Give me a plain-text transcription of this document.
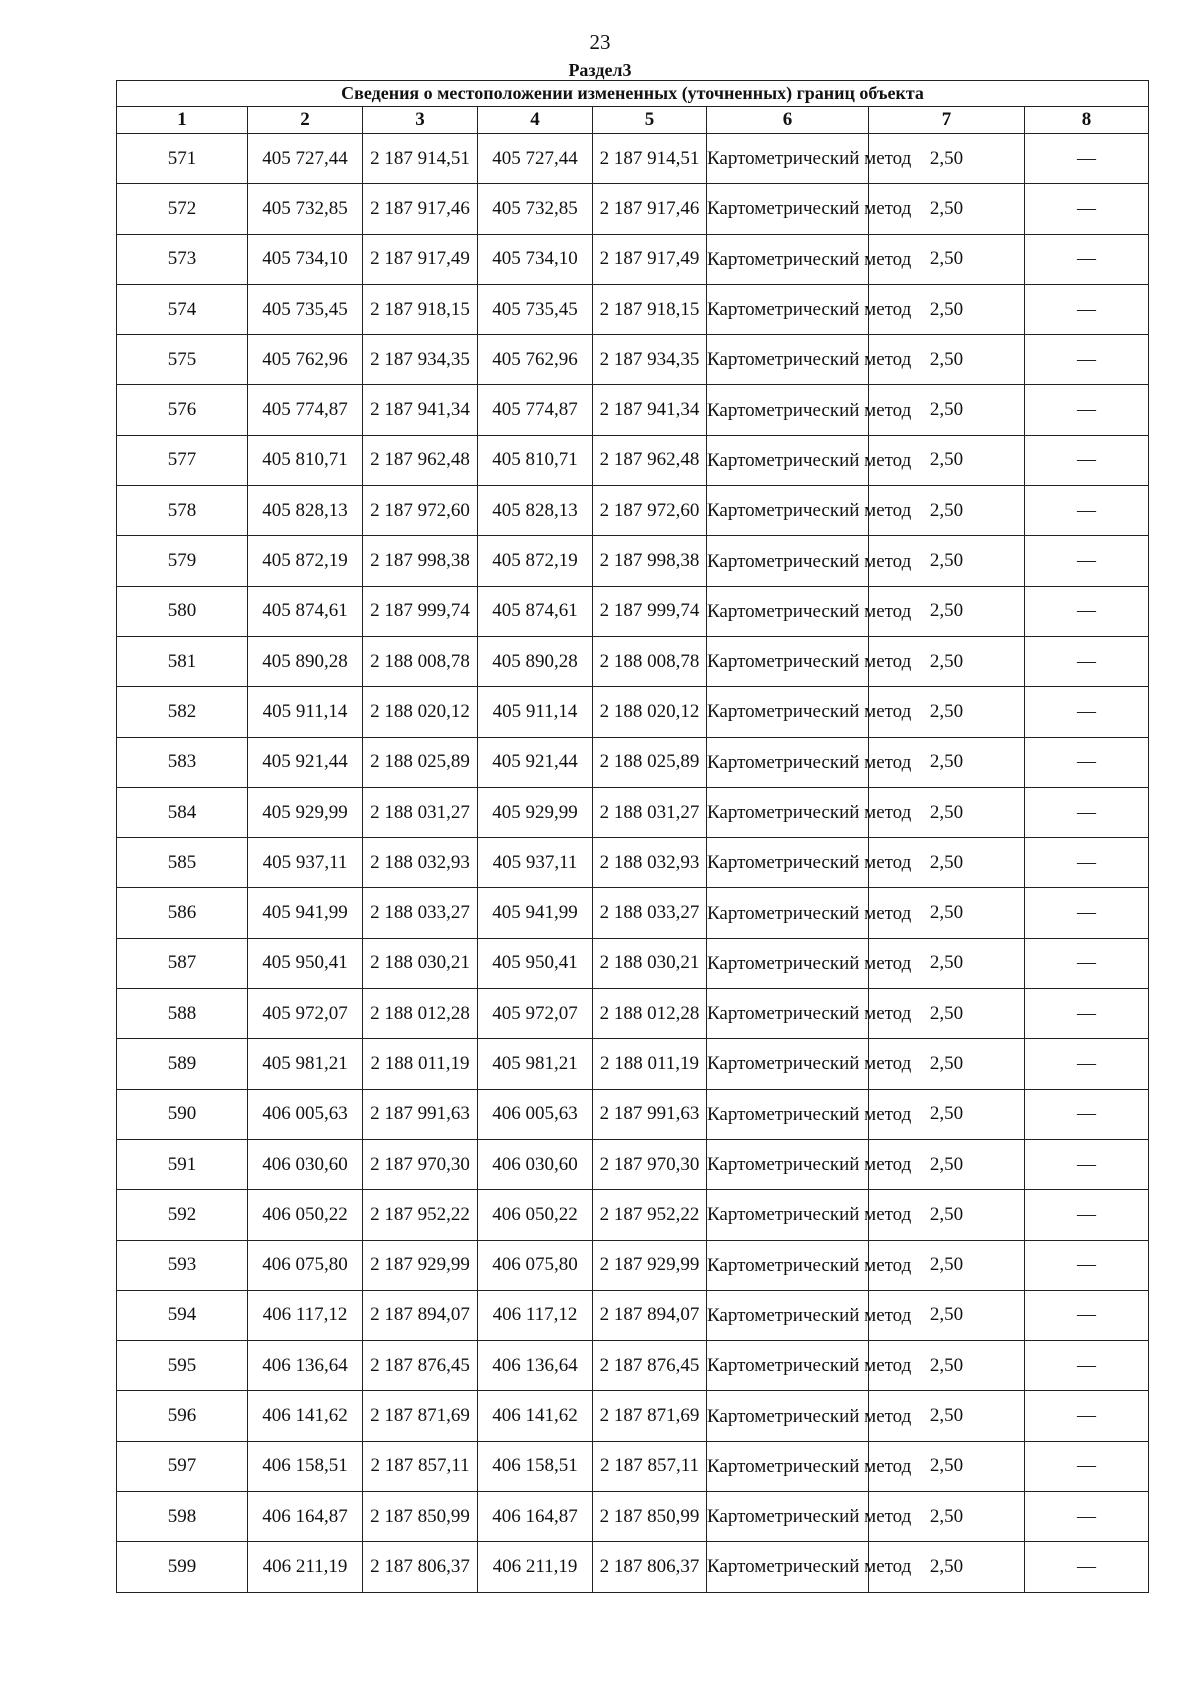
23
Раздел3
Сведения о местоположении измененных (уточненных) границ объекта							
1	2	3	4	5	6	7	8
571	405 727,44	2 187 914,51	405 727,44	2 187 914,51	Картометрический метод	2,50	—
572	405 732,85	2 187 917,46	405 732,85	2 187 917,46	Картометрический метод	2,50	—
573	405 734,10	2 187 917,49	405 734,10	2 187 917,49	Картометрический метод	2,50	—
574	405 735,45	2 187 918,15	405 735,45	2 187 918,15	Картометрический метод	2,50	—
575	405 762,96	2 187 934,35	405 762,96	2 187 934,35	Картометрический метод	2,50	—
576	405 774,87	2 187 941,34	405 774,87	2 187 941,34	Картометрический метод	2,50	—
577	405 810,71	2 187 962,48	405 810,71	2 187 962,48	Картометрический метод	2,50	—
578	405 828,13	2 187 972,60	405 828,13	2 187 972,60	Картометрический метод	2,50	—
579	405 872,19	2 187 998,38	405 872,19	2 187 998,38	Картометрический метод	2,50	—
580	405 874,61	2 187 999,74	405 874,61	2 187 999,74	Картометрический метод	2,50	—
581	405 890,28	2 188 008,78	405 890,28	2 188 008,78	Картометрический метод	2,50	—
582	405 911,14	2 188 020,12	405 911,14	2 188 020,12	Картометрический метод	2,50	—
583	405 921,44	2 188 025,89	405 921,44	2 188 025,89	Картометрический метод	2,50	—
584	405 929,99	2 188 031,27	405 929,99	2 188 031,27	Картометрический метод	2,50	—
585	405 937,11	2 188 032,93	405 937,11	2 188 032,93	Картометрический метод	2,50	—
586	405 941,99	2 188 033,27	405 941,99	2 188 033,27	Картометрический метод	2,50	—
587	405 950,41	2 188 030,21	405 950,41	2 188 030,21	Картометрический метод	2,50	—
588	405 972,07	2 188 012,28	405 972,07	2 188 012,28	Картометрический метод	2,50	—
589	405 981,21	2 188 011,19	405 981,21	2 188 011,19	Картометрический метод	2,50	—
590	406 005,63	2 187 991,63	406 005,63	2 187 991,63	Картометрический метод	2,50	—
591	406 030,60	2 187 970,30	406 030,60	2 187 970,30	Картометрический метод	2,50	—
592	406 050,22	2 187 952,22	406 050,22	2 187 952,22	Картометрический метод	2,50	—
593	406 075,80	2 187 929,99	406 075,80	2 187 929,99	Картометрический метод	2,50	—
594	406 117,12	2 187 894,07	406 117,12	2 187 894,07	Картометрический метод	2,50	—
595	406 136,64	2 187 876,45	406 136,64	2 187 876,45	Картометрический метод	2,50	—
596	406 141,62	2 187 871,69	406 141,62	2 187 871,69	Картометрический метод	2,50	—
597	406 158,51	2 187 857,11	406 158,51	2 187 857,11	Картометрический метод	2,50	—
598	406 164,87	2 187 850,99	406 164,87	2 187 850,99	Картометрический метод	2,50	—
599	406 211,19	2 187 806,37	406 211,19	2 187 806,37	Картометрический метод	2,50	—
